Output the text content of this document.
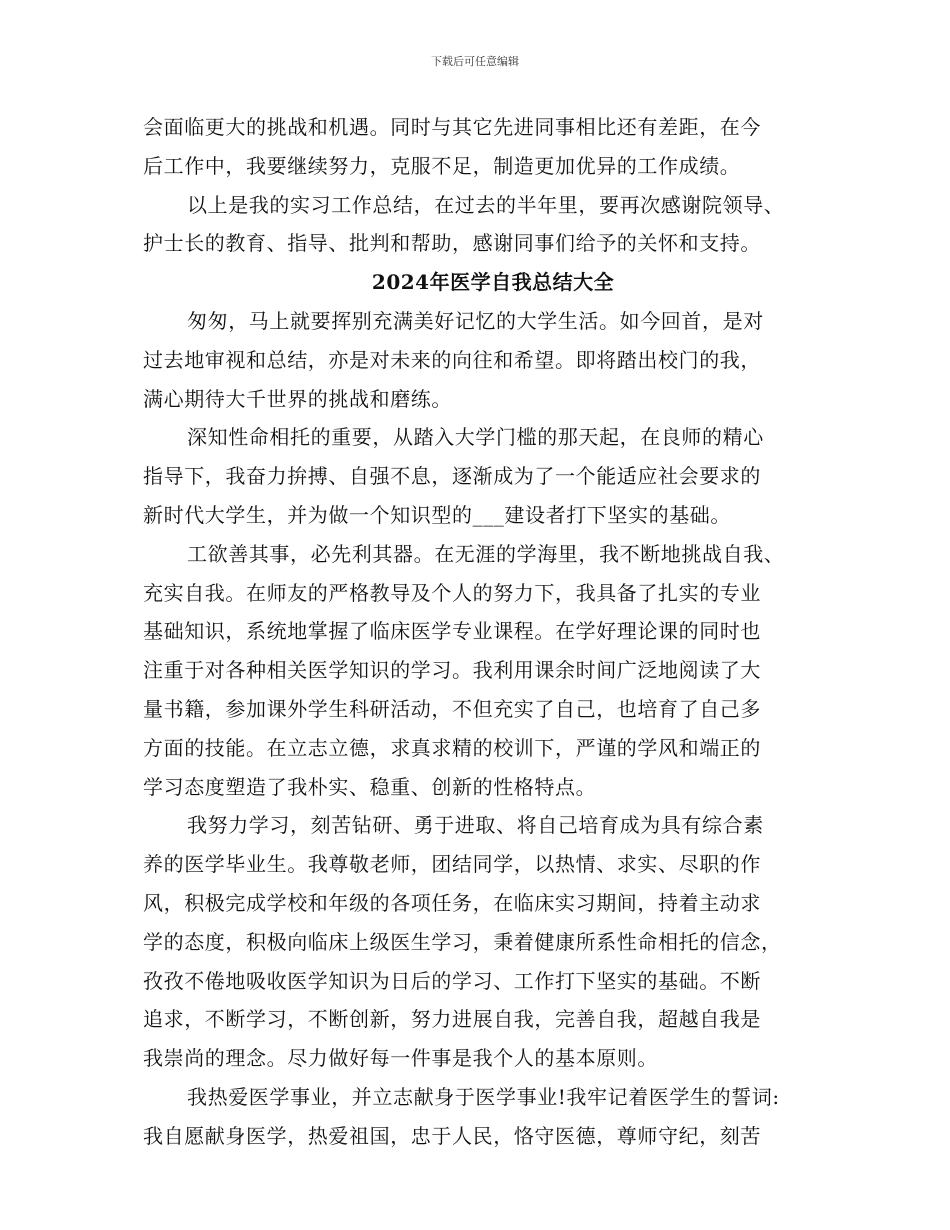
下载后可任意编辑
会面临更大的挑战和机遇。同时与其它先进同事相比还有差距，在今
后工作中，我要继续努力，克服不足，制造更加优异的工作成绩。
以上是我的实习工作总结，在过去的半年里，要再次感谢院领导、
护士长的教育、指导、批判和帮助，感谢同事们给予的关怀和支持。
2024年医学自我总结大全
匆匆，马上就要挥别充满美好记忆的大学生活。如今回首，是对
过去地审视和总结，亦是对未来的向往和希望。即将踏出校门的我，
满心期待大千世界的挑战和磨练。
深知性命相托的重要，从踏入大学门槛的那天起，在良师的精心
指导下，我奋力拚搏、自强不息，逐渐成为了一个能适应社会要求的
新时代大学生，并为做一个知识型的___建设者打下坚实的基础。
工欲善其事，必先利其器。在无涯的学海里，我不断地挑战自我、
充实自我。在师友的严格教导及个人的努力下，我具备了扎实的专业
基础知识，系统地掌握了临床医学专业课程。在学好理论课的同时也
注重于对各种相关医学知识的学习。我利用课余时间广泛地阅读了大
量书籍，参加课外学生科研活动，不但充实了自己，也培育了自己多
方面的技能。在立志立德，求真求精的校训下，严谨的学风和端正的
学习态度塑造了我朴实、稳重、创新的性格特点。
我努力学习，刻苦钻研、勇于进取、将自己培育成为具有综合素
养的医学毕业生。我尊敬老师，团结同学，以热情、求实、尽职的作
风，积极完成学校和年级的各项任务，在临床实习期间，持着主动求
学的态度，积极向临床上级医生学习，秉着健康所系性命相托的信念，
孜孜不倦地吸收医学知识为日后的学习、工作打下坚实的基础。不断
追求，不断学习，不断创新，努力进展自我，完善自我，超越自我是
我崇尚的理念。尽力做好每一件事是我个人的基本原则。
我热爱医学事业，并立志献身于医学事业!我牢记着医学生的誓词:
我自愿献身医学，热爱祖国，忠于人民，恪守医德，尊师守纪，刻苦
